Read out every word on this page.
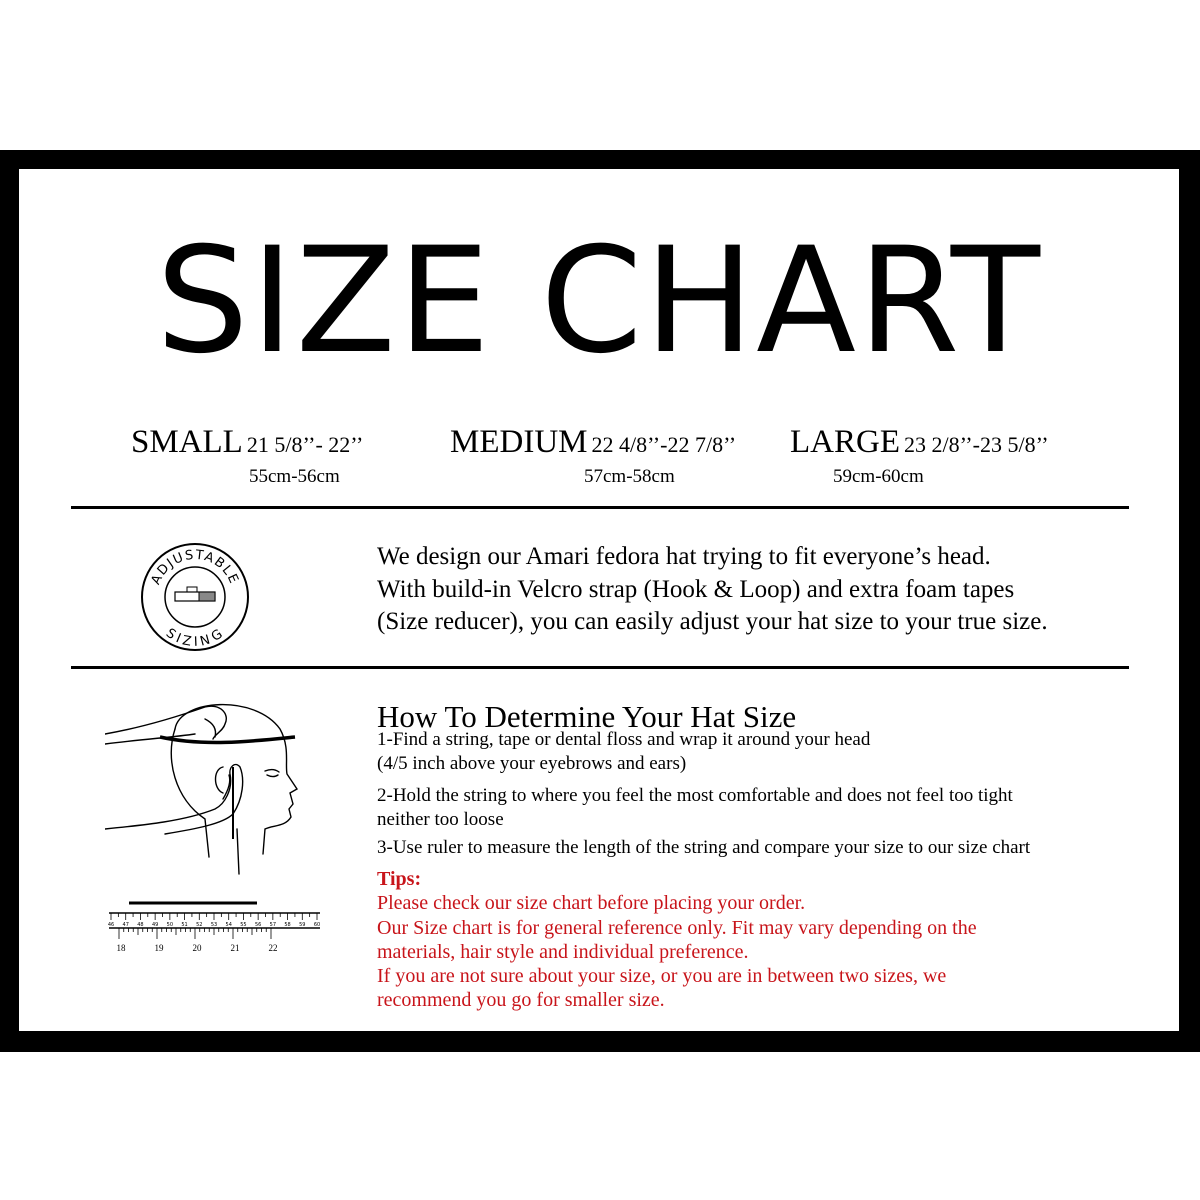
SIZE CHART
SMALL 21 5/8’’- 22’’
55cm-56cm
MEDIUM 22 4/8’’-22 7/8’’
57cm-58cm
LARGE 23 2/8’’-23 5/8’’
59cm-60cm
ADJUSTABLE
SIZING
We design our Amari fedora hat trying to fit everyone’s head.
With build-in Velcro strap (Hook & Loop) and extra foam tapes
(Size reducer), you can easily adjust your hat size to your true size.
46 47 48 49 50 51 52 53 54 55 56 57 58 59 60
18	19	20	21	22
How To Determine Your Hat Size
1-Find a string, tape or dental floss and wrap it around your head
(4/5 inch above your eyebrows and ears)
2-Hold the string to where you feel the most comfortable and does not feel too tight
neither too loose
3-Use ruler to measure the length of the string and compare your size to our size chart
Tips:
Please check our size chart before placing your order.
Our Size chart is for general reference only. Fit may vary depending on the
materials, hair style and individual preference.
If you are not sure about your size, or you are in between two sizes, we
recommend you go for smaller size.
